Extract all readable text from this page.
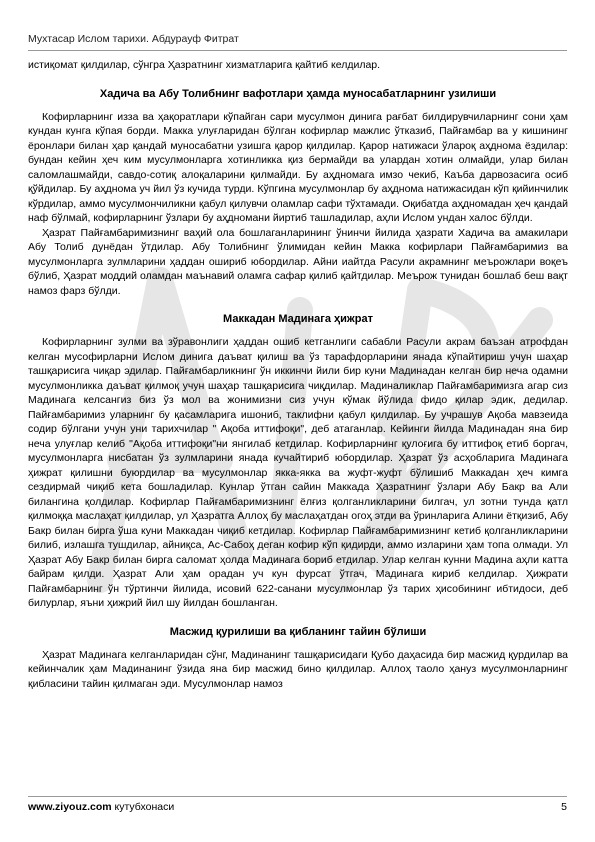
Мухтасар Ислом тарихи. Абдурауф Фитрат

истиқомат қилдилар, сўнгра Ҳазратнинг хизматларига қайтиб келдилар.

Хадича ва Абу Толибнинг вафотлари ҳамда муносабатларнинг узилиши

Кофирларнинг изза ва ҳақоратлари кўпайган сари мусулмон динига рағбат билдирувчиларнинг сони ҳам кундан кунга кўпая борди. Макка улуғларидан бўлган кофирлар мажлис ўтказиб, Пайғамбар ва у кишининг ёронлари билан ҳар қандай муносабатни узишга қарор қилдилар. Қарор натижаси ўлароқ аҳднома ёздилар: бундан кейин ҳеч ким мусулмонларга хотинликка қиз бермайди ва улардан хотин олмайди, улар билан саломлашмайди, савдо-сотиқ алоқаларини қилмайди. Бу аҳдномага имзо чекиб, Каъба дарвозасига осиб қўйдилар. Бу аҳднома уч йил ўз кучида турди. Кўпгина мусулмонлар бу аҳднома натижасидан кўп қийинчилик кўрдилар, аммо мусулмончиликни қабул қилувчи оламлар сафи тўхтамади. Оқибатда аҳдномадан ҳеч қандай наф бўлмай, кофирларнинг ўзлари бу аҳдномани йиртиб ташладилар, аҳли Ислом ундан халос бўлди.

Ҳазрат Пайғамбаримизнинг ваҳий ола бошлаганларининг ўнинчи йилида ҳазрати Хадича ва амакилари Абу Толиб дунёдан ўтдилар. Абу Толибнинг ўлимидан кейин Макка кофирлари Пайғамбаримиз ва мусулмонларга зулмларини ҳаддан ошириб юбордилар. Айни иайтда Расули акрамнинг меърожлари воқеъ бўлиб, Ҳазрат моддий оламдан маънавий оламга сафар қилиб қайтдилар. Меърож тунидан бошлаб беш вақт намоз фарз бўлди.

Маккадан Мадинага ҳижрат

Кофирларнинг зулми ва зўравонлиги ҳаддан ошиб кетганлиги сабабли Расули акрам баъзан атрофдан келган мусофирларни Ислом динига даъват қилиш ва ўз тарафдорларини янада кўпайтириш учун шаҳар ташқарисига чиқар эдилар. Пайғамбарликнинг ўн иккинчи йили бир куни Мадинадан келган бир неча одамни мусулмонликка даъват қилмоқ учун шаҳар ташқарисига чиқдилар. Мадиналиклар Пайғамбаримизга агар сиз Мадинага келсангиз биз ўз мол ва жонимизни сиз учун кўмак йўлида фидо қилар эдик, дедилар. Пайғамбаримиз уларнинг бу қасамларига ишониб, таклифни қабул қилдилар. Бу учрашув Ақоба мавзеида содир бўлгани учун уни тарихчилар " Ақоба иттифоқи", деб атаганлар. Кейинги йилда Мадинадан яна бир неча улуғлар келиб "Ақоба иттифоқи"ни янгилаб кетдилар. Кофирларнинг қулоғига бу иттифоқ етиб боргач, мусулмонларга нисбатан ўз зулмларини янада кучайтириб юбордилар. Ҳазрат ўз асҳобларига Мадинага ҳижрат қилишни буюрдилар ва мусулмонлар якка-якка ва жуфт-жуфт бўлишиб Маккадан ҳеч кимга сездирмай чиқиб кета бошладилар. Кунлар ўтган сайин Маккада Ҳазратнинг ўзлари Абу Бакр ва Али билангина қолдилар. Кофирлар Пайғамбаримизнинг ёлғиз қолганликларини билгач, ул зотни тунда қатл қилмоққа маслаҳат қилдилар, ул Ҳазратга Аллоҳ бу маслаҳатдан огоҳ этди ва ўринларига Алини ётқизиб, Абу Бакр билан бирга ўша куни Маккадан чиқиб кетдилар. Кофирлар Пайғамбаримизнинг кетиб қолганликларини билиб, излашга тушдилар, айниқса, Ас-Сабоҳ деган кофир кўп қидирди, аммо изларини ҳам топа олмади. Ул Ҳазрат Абу Бакр билан бирга саломат ҳолда Мадинага бориб етдилар. Улар келган кунни Мадина аҳли катта байрам қилди. Ҳазрат Али ҳам орадан уч кун фурсат ўтгач, Мадинага кириб келдилар. Ҳижрати Пайғамбарнинг ўн тўртинчи йилида, исовий 622-санани мусулмонлар ўз тарих ҳисобининг ибтидоси, деб билурлар, яъни ҳижрий йил шу йилдан бошланган.

Масжид қурилиши ва қибланинг тайин бўлиши

Ҳазрат Мадинага келганларидан сўнг, Мадинанинг ташқарисидаги Қубо даҳасида бир масжид қурдилар ва кейинчалик ҳам Мадинанинг ўзида яна бир масжид бино қилдилар. Аллоҳ таоло ҳануз мусулмонларнинг қибласини тайин қилмаган эди. Мусулмонлар намоз

www.ziyouz.com кутубхонаси	5
